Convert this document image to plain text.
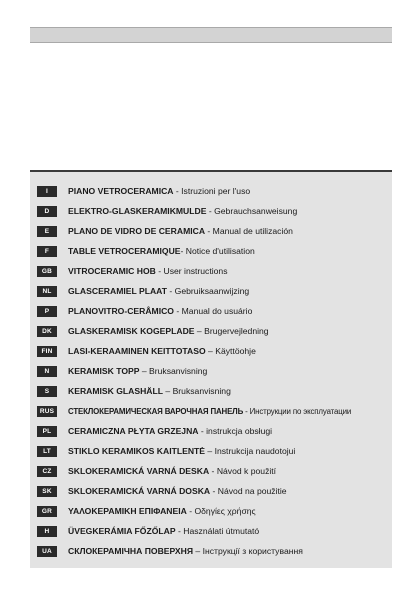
I	PIANO VETROCERAMICA - Istruzioni per l'uso
D	ELEKTRO-GLASKERAMIKMULDE - Gebrauchsanweisung
E	PLANO DE VIDRO DE CERAMICA - Manual de utilización
F	TABLE VETROCERAMIQUE- Notice d'utilisation
GB	VITROCERAMIC HOB - User instructions
NL	GLASCERAMIEL PLAAT - Gebruiksaanwijzing
P	PLANOVITRO-CERÂMICO - Manual do usuário
DK	GLASKERAMISK KOGEPLADE – Brugervejledning
FIN	LASI-KERAAMINEN KEITTOTASO – Käyttöohje
N	KERAMISK TOPP – Bruksanvisning
S	KERAMISK GLASHÄLL – Bruksanvisning
RUS	СТЕКЛОКЕРАМИЧЕСКАЯ ВАРОЧНАЯ ПАНЕЛЬ - Инструкции по эксплуатации
PL	CERAMICZNA PŁYTA GRZEJNA - instrukcja obsługi
LT	STIKLO KERAMIKOS KAITLENTĖ – Instrukcija naudotojui
CZ	SKLOKERAMICKÁ VARNÁ DESKA - Návod k použití
SK	SKLOKERAMICKÁ VARNÁ DOSKA - Návod na použitie
GR	ΥΑΛΟΚΕΡΑΜΙΚΗ ΕΠΙΦΑΝΕΙΑ - Οδηγίες χρήσης
H	ÜVEGKERÁMIA FŐZŐLAP - Használati útmutató
UA	СКЛОКЕРАМІЧНА ПОВЕРХНЯ – Інструкції з користування
